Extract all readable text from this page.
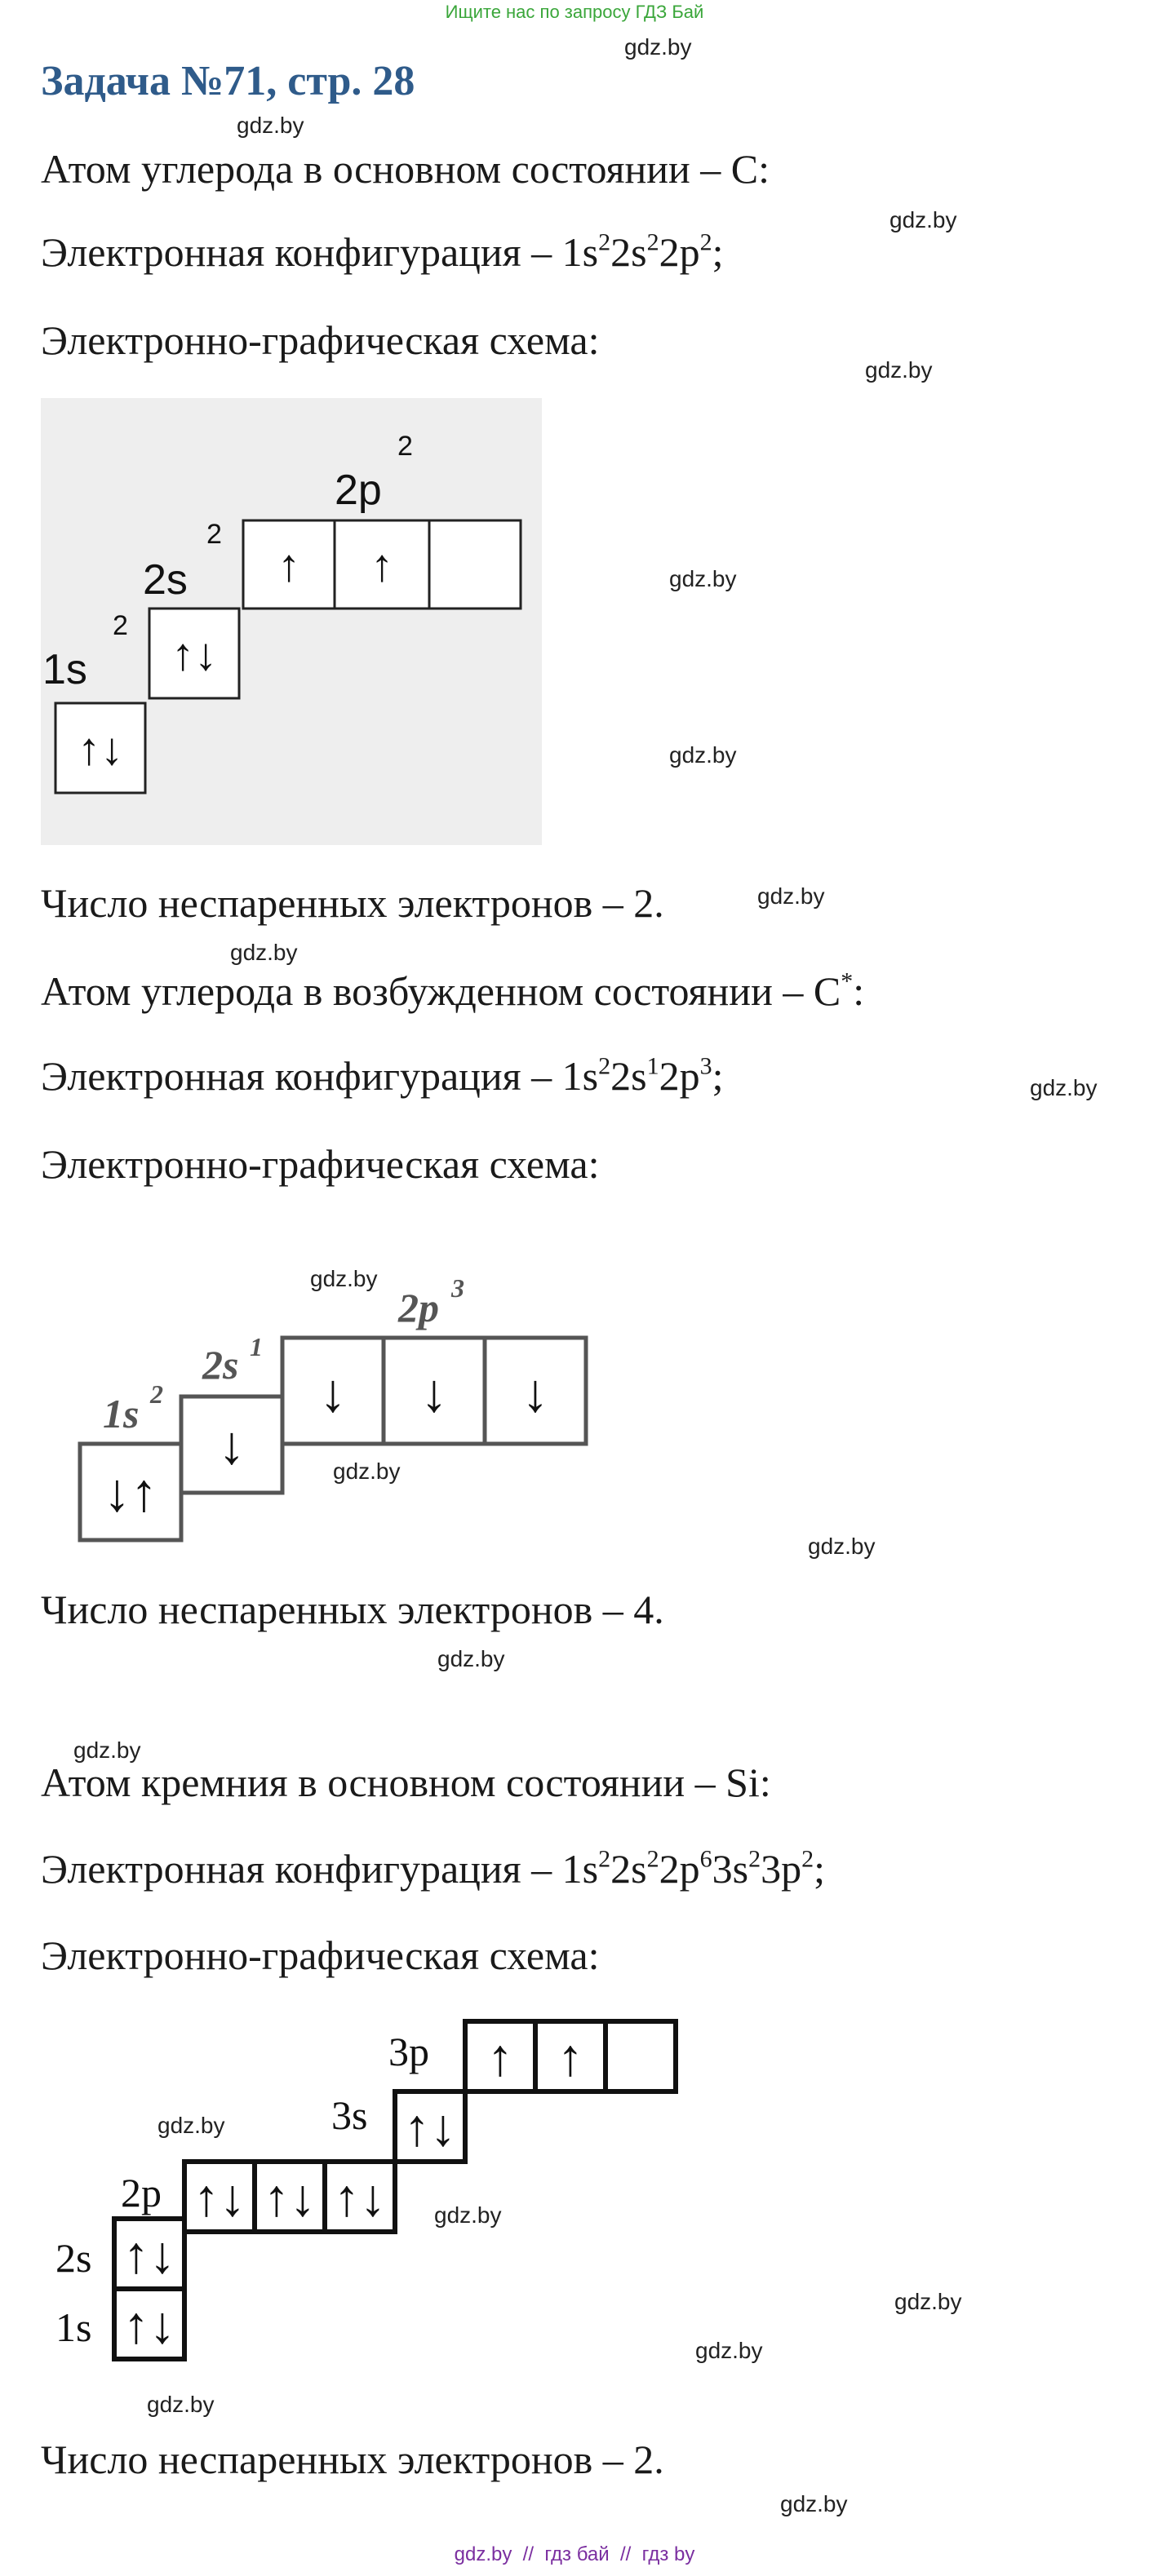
Ищите нас по запросу ГДЗ Бай
Задача №71, стр. 28
gdz.by
gdz.by
gdz.by
gdz.by
gdz.by
gdz.by
gdz.by
gdz.by
gdz.by
gdz.by
gdz.by
gdz.by
gdz.by
gdz.by
gdz.by
gdz.by
gdz.by
gdz.by
gdz.by
gdz.by
Атом углерода в основном состоянии – C:
Электронная конфигурация – $1s^22s^22p^2$;
Электронно-графическая схема:
1s
2
2s
2
2p
2
↑↓
↑↓
↑ ↑
Число неспаренных электронов – 2.
Атом углерода в возбужденном состоянии – C*:
Электронная конфигурация – $1s^22s^12p^3$;
Электронно-графическая схема:
1s 2
2s 1
2p 3
↓↑
↓
↓ ↓ ↓
Число неспаренных электронов – 4.
Атом кремния в основном состоянии – Si:
Электронная конфигурация – $1s^22s^22p^63s^23p^2$;
Электронно-графическая схема:
2s
1s
2p
3s
3p
↑↓
↑↓
↑↓ ↑↓ ↑↓
↑↓
↑ ↑
Число неспаренных электронов – 2.
gdz.by  //  гдз бай  //  гдз by
